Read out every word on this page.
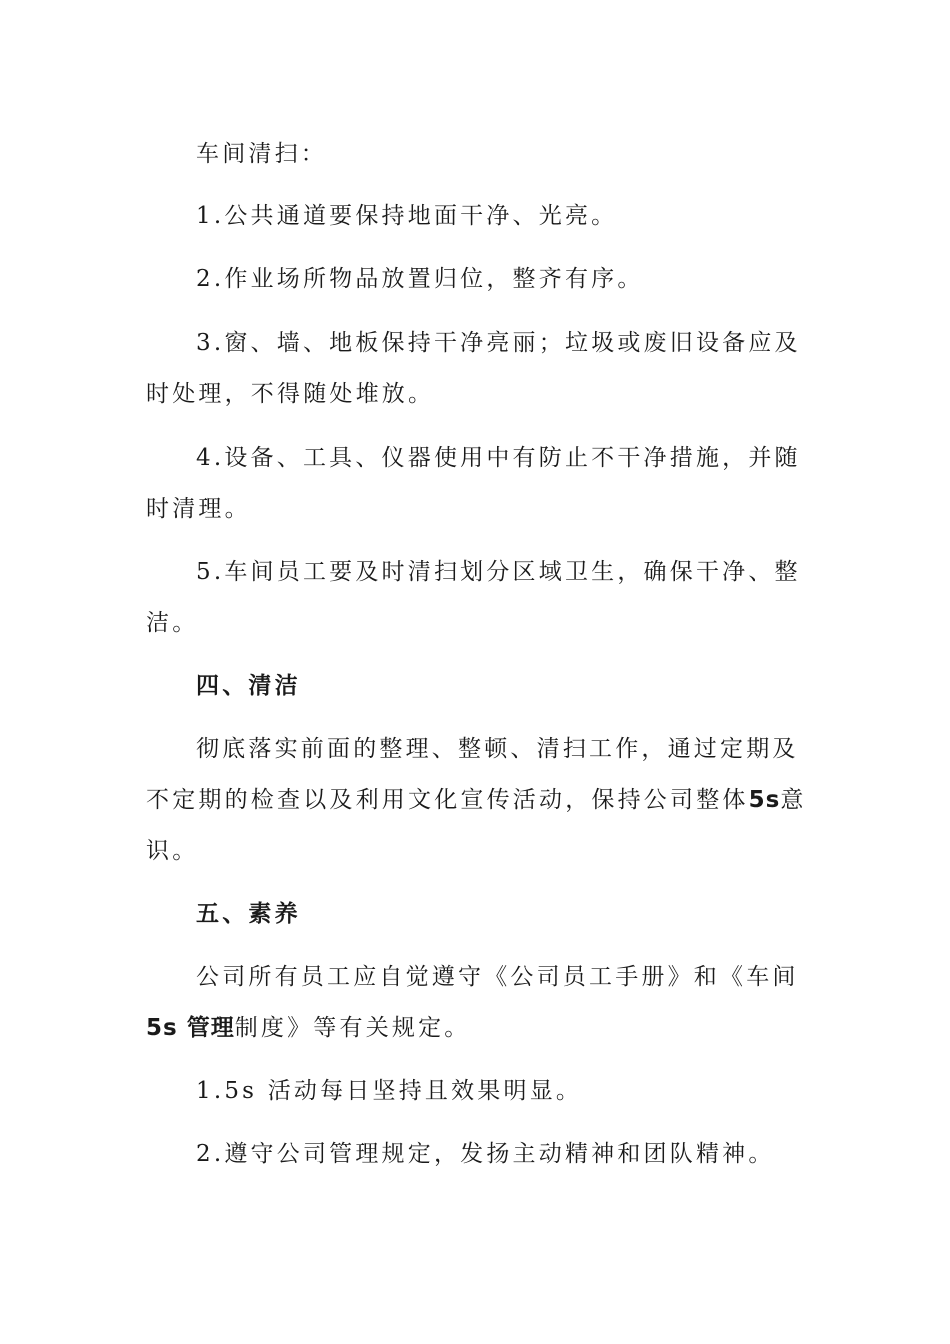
车间清扫：
1.公共通道要保持地面干净、光亮。
2.作业场所物品放置归位，整齐有序。
3.窗、墙、地板保持干净亮丽；垃圾或废旧设备应及
时处理，不得随处堆放。
4.设备、工具、仪器使用中有防止不干净措施，并随
时清理。
5.车间员工要及时清扫划分区域卫生，确保干净、整
洁。
四、清洁
彻底落实前面的整理、整顿、清扫工作，通过定期及
不定期的检查以及利用文化宣传活动，保持公司整体5s意
识。
五、素养
公司所有员工应自觉遵守《公司员工手册》和《车间
5s 管理制度》等有关规定。
1.5s 活动每日坚持且效果明显。
2.遵守公司管理规定，发扬主动精神和团队精神。
